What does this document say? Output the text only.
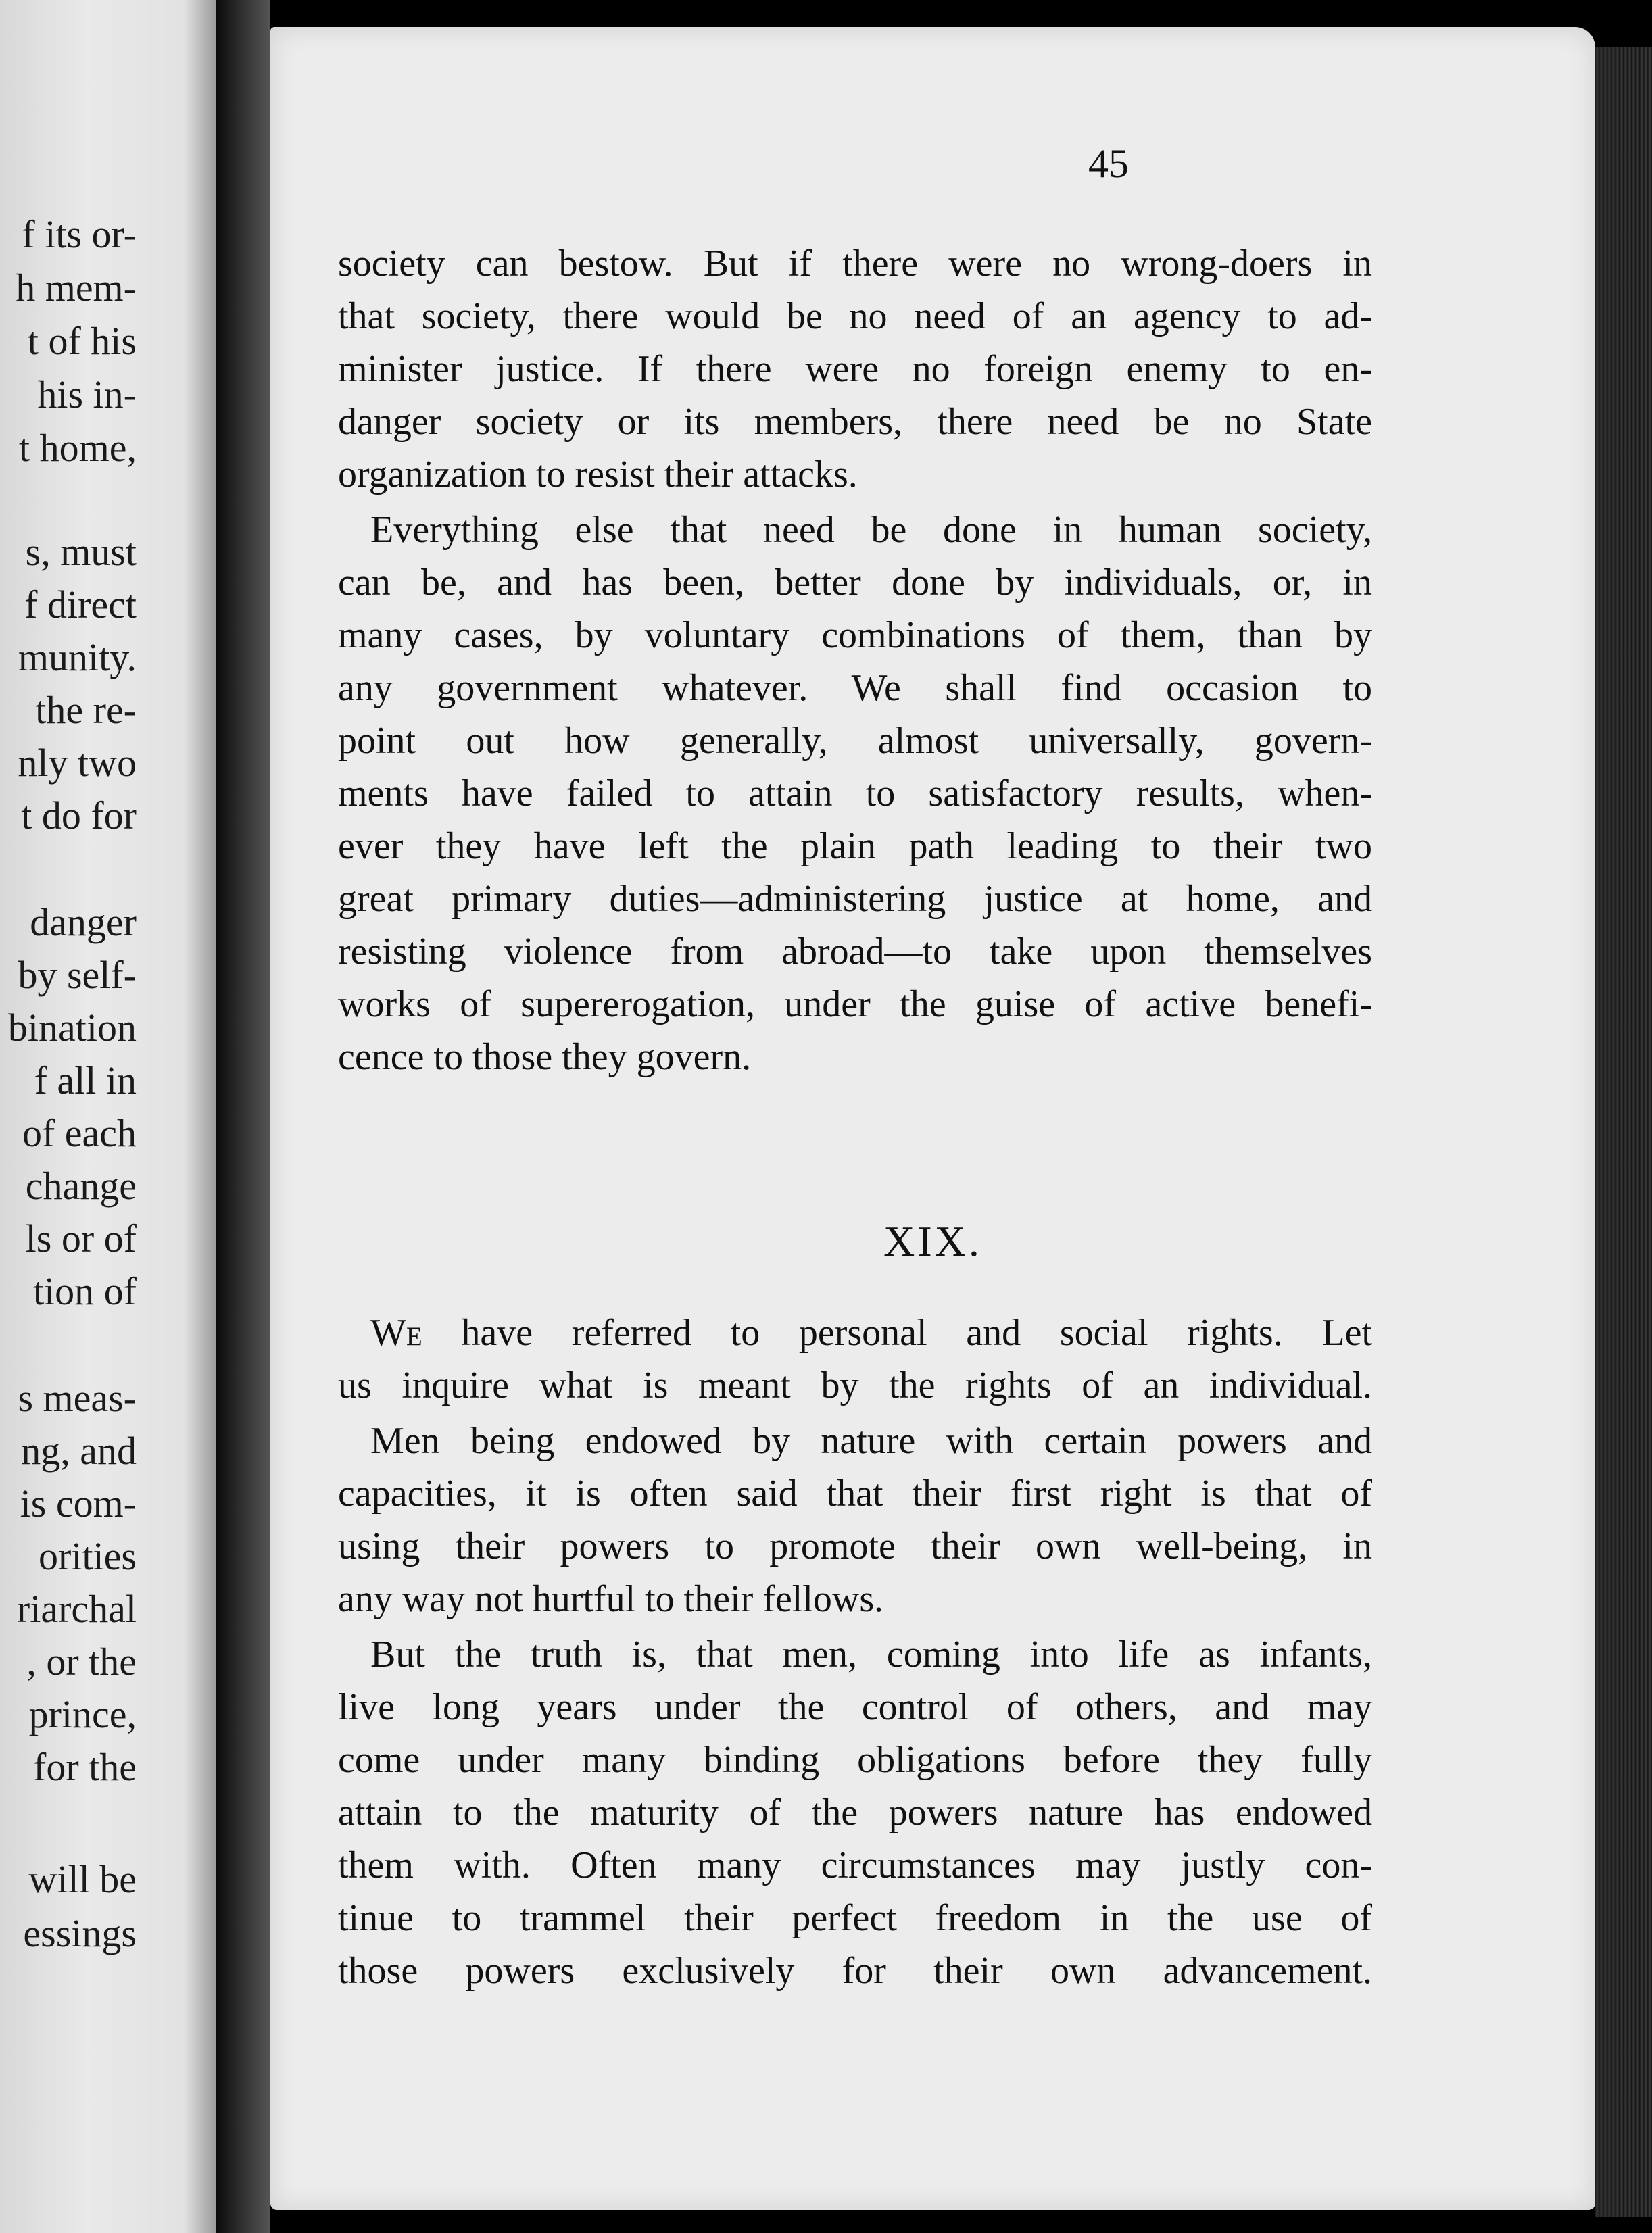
f its or-
h mem-
t of his
his in-
t home,
s, must
f direct
munity.
the re-
nly two
t do for
danger
by self-
bination
f all in
of each
change
ls or of
tion of
s meas-
ng, and
is com-
orities
riarchal
, or the
prince,
for the
will be
essings
45
society can bestow. But if there were no wrong-doers in
that society, there would be no need of an agency to ad-
minister justice. If there were no foreign enemy to en-
danger society or its members, there need be no State
organization to resist their attacks.
Everything else that need be done in human society,
can be, and has been, better done by individuals, or, in
many cases, by voluntary combinations of them, than by
any government whatever. We shall find occasion to
point out how generally, almost universally, govern-
ments have failed to attain to satisfactory results, when-
ever they have left the plain path leading to their two
great primary duties—administering justice at home, and
resisting violence from abroad—to take upon themselves
works of supererogation, under the guise of active benefi-
cence to those they govern.
XIX.
We have referred to personal and social rights. Let
us inquire what is meant by the rights of an individual.
Men being endowed by nature with certain powers and
capacities, it is often said that their first right is that of
using their powers to promote their own well-being, in
any way not hurtful to their fellows.
But the truth is, that men, coming into life as infants,
live long years under the control of others, and may
come under many binding obligations before they fully
attain to the maturity of the powers nature has endowed
them with. Often many circumstances may justly con-
tinue to trammel their perfect freedom in the use of
those powers exclusively for their own advancement.
